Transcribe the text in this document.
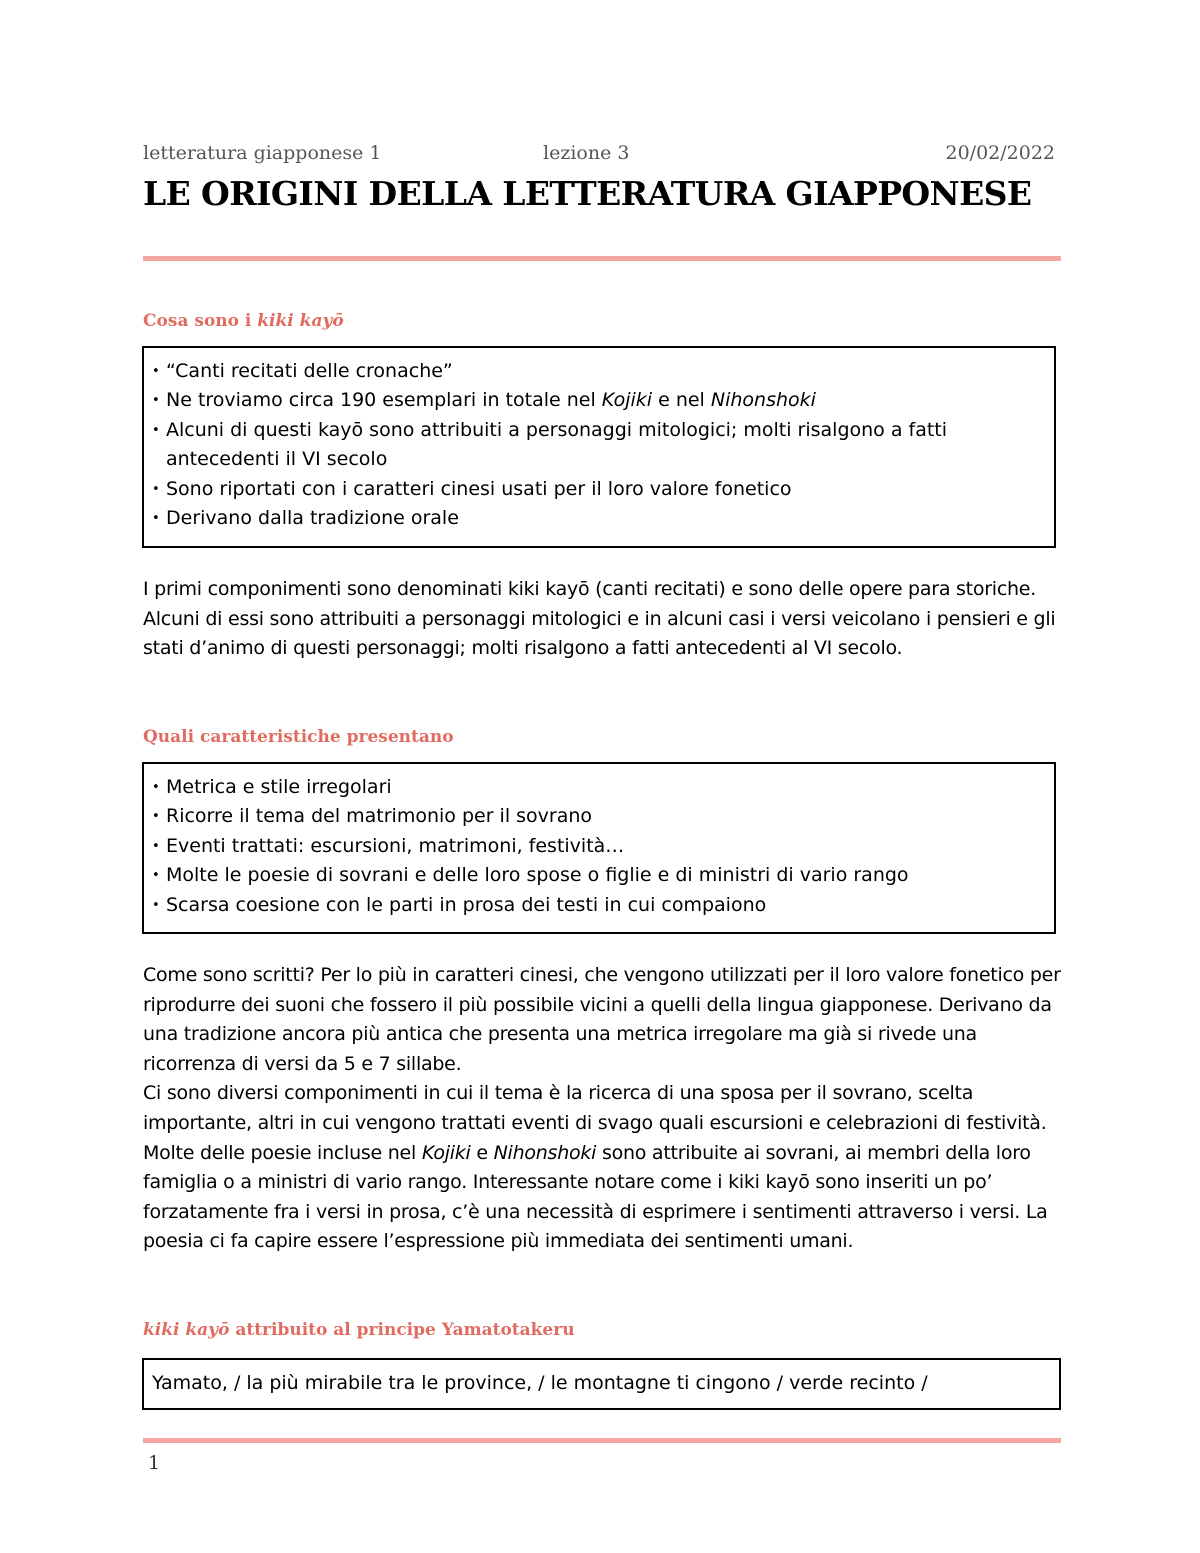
letteratura giapponese 1	lezione 3	20/02/2022
LE ORIGINI DELLA LETTERATURA GIAPPONESE
Cosa sono i kiki kayō
• “Canti recitati delle cronache”
• Ne troviamo circa 190 esemplari in totale nel Kojiki e nel Nihonshoki
• Alcuni di questi kayō sono attribuiti a personaggi mitologici; molti risalgono a fatti antecedenti il VI secolo
• Sono riportati con i caratteri cinesi usati per il loro valore fonetico
• Derivano dalla tradizione orale
I primi componimenti sono denominati kiki kayō (canti recitati) e sono delle opere para storiche. Alcuni di essi sono attribuiti a personaggi mitologici e in alcuni casi i versi veicolano i pensieri e gli stati d’animo di questi personaggi; molti risalgono a fatti antecedenti al VI secolo.
Quali caratteristiche presentano
• Metrica e stile irregolari
• Ricorre il tema del matrimonio per il sovrano
• Eventi trattati: escursioni, matrimoni, festività…
• Molte le poesie di sovrani e delle loro spose o figlie e di ministri di vario rango
• Scarsa coesione con le parti in prosa dei testi in cui compaiono
Come sono scritti? Per lo più in caratteri cinesi, che vengono utilizzati per il loro valore fonetico per riprodurre dei suoni che fossero il più possibile vicini a quelli della lingua giapponese. Derivano da una tradizione ancora più antica che presenta una metrica irregolare ma già si rivede una ricorrenza di versi da 5 e 7 sillabe.
Ci sono diversi componimenti in cui il tema è la ricerca di una sposa per il sovrano, scelta importante, altri in cui vengono trattati eventi di svago quali escursioni e celebrazioni di festività. Molte delle poesie incluse nel Kojiki e Nihonshoki sono attribuite ai sovrani, ai membri della loro famiglia o a ministri di vario rango. Interessante notare come i kiki kayō sono inseriti un po’ forzatamente fra i versi in prosa, c’è una necessità di esprimere i sentimenti attraverso i versi. La poesia ci fa capire essere l’espressione più immediata dei sentimenti umani.
kiki kayō attribuito al principe Yamatotakeru
Yamato, / la più mirabile tra le province, / le montagne ti cingono / verde recinto /
1
